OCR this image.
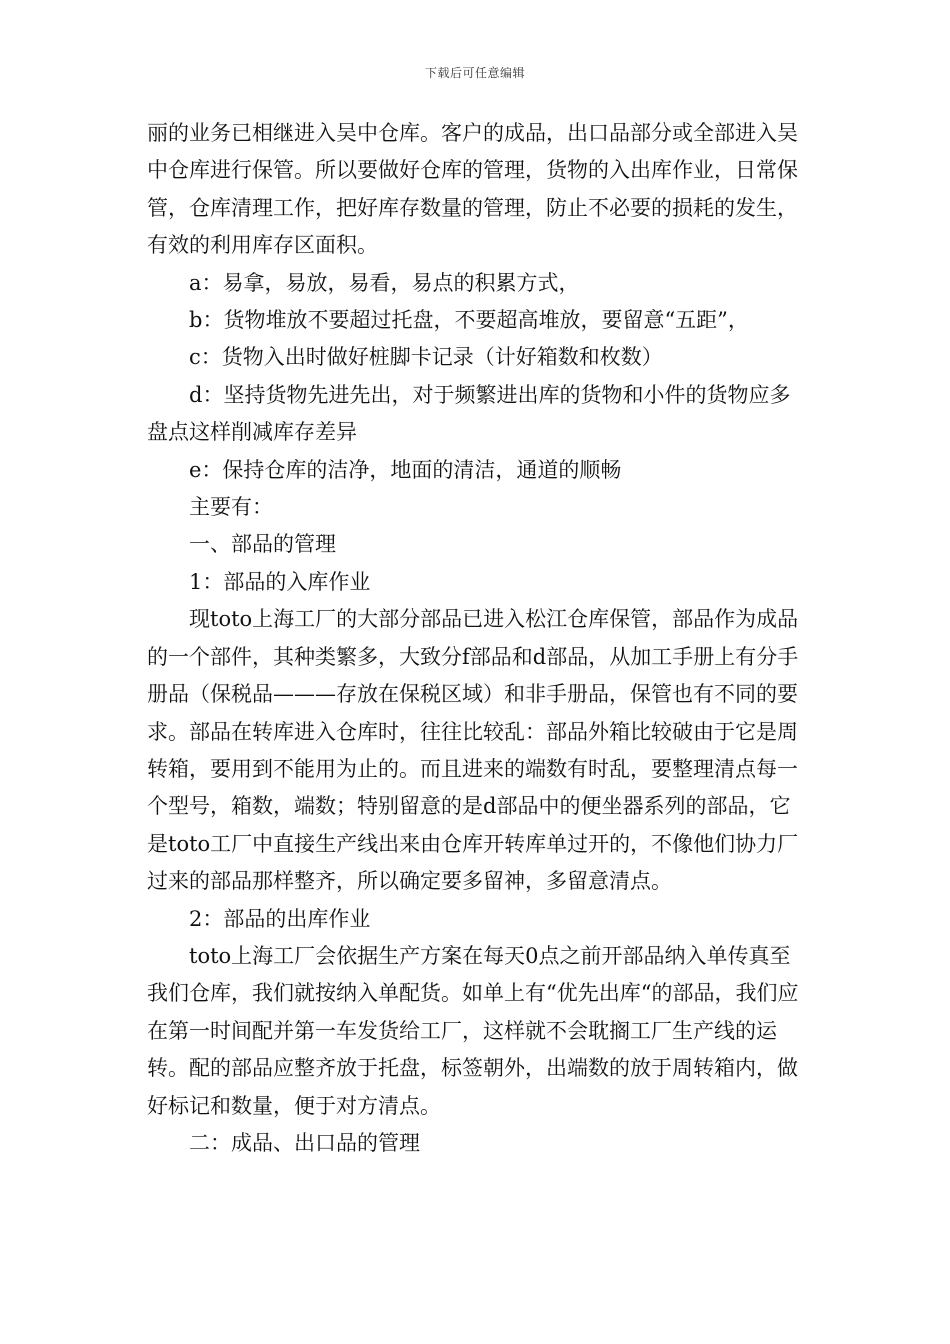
下载后可任意编辑

丽的业务已相继进入吴中仓库。客户的成品，出口品部分或全部进入吴中仓库进行保管。所以要做好仓库的管理，货物的入出库作业，日常保管，仓库清理工作，把好库存数量的管理，防止不必要的损耗的发生，有效的利用库存区面积。

a：易拿，易放，易看，易点的积累方式，

b：货物堆放不要超过托盘，不要超高堆放，要留意“五距”，

c：货物入出时做好桩脚卡记录（计好箱数和枚数）

d：坚持货物先进先出，对于频繁进出库的货物和小件的货物应多盘点这样削减库存差异

e：保持仓库的洁净，地面的清洁，通道的顺畅

主要有：

一、部品的管理

1：部品的入库作业

现toto上海工厂的大部分部品已进入松江仓库保管，部品作为成品的一个部件，其种类繁多，大致分f部品和d部品，从加工手册上有分手册品（保税品———存放在保税区域）和非手册品，保管也有不同的要求。部品在转库进入仓库时，往往比较乱：部品外箱比较破由于它是周转箱，要用到不能用为止的。而且进来的端数有时乱，要整理清点每一个型号，箱数，端数；特别留意的是d部品中的便坐器系列的部品，它是toto工厂中直接生产线出来由仓库开转库单过开的，不像他们协力厂过来的部品那样整齐，所以确定要多留神，多留意清点。

2：部品的出库作业

toto上海工厂会依据生产方案在每天0点之前开部品纳入单传真至我们仓库，我们就按纳入单配货。如单上有“优先出库“的部品，我们应在第一时间配并第一车发货给工厂，这样就不会耽搁工厂生产线的运转。配的部品应整齐放于托盘，标签朝外，出端数的放于周转箱内，做好标记和数量，便于对方清点。

二：成品、出口品的管理
